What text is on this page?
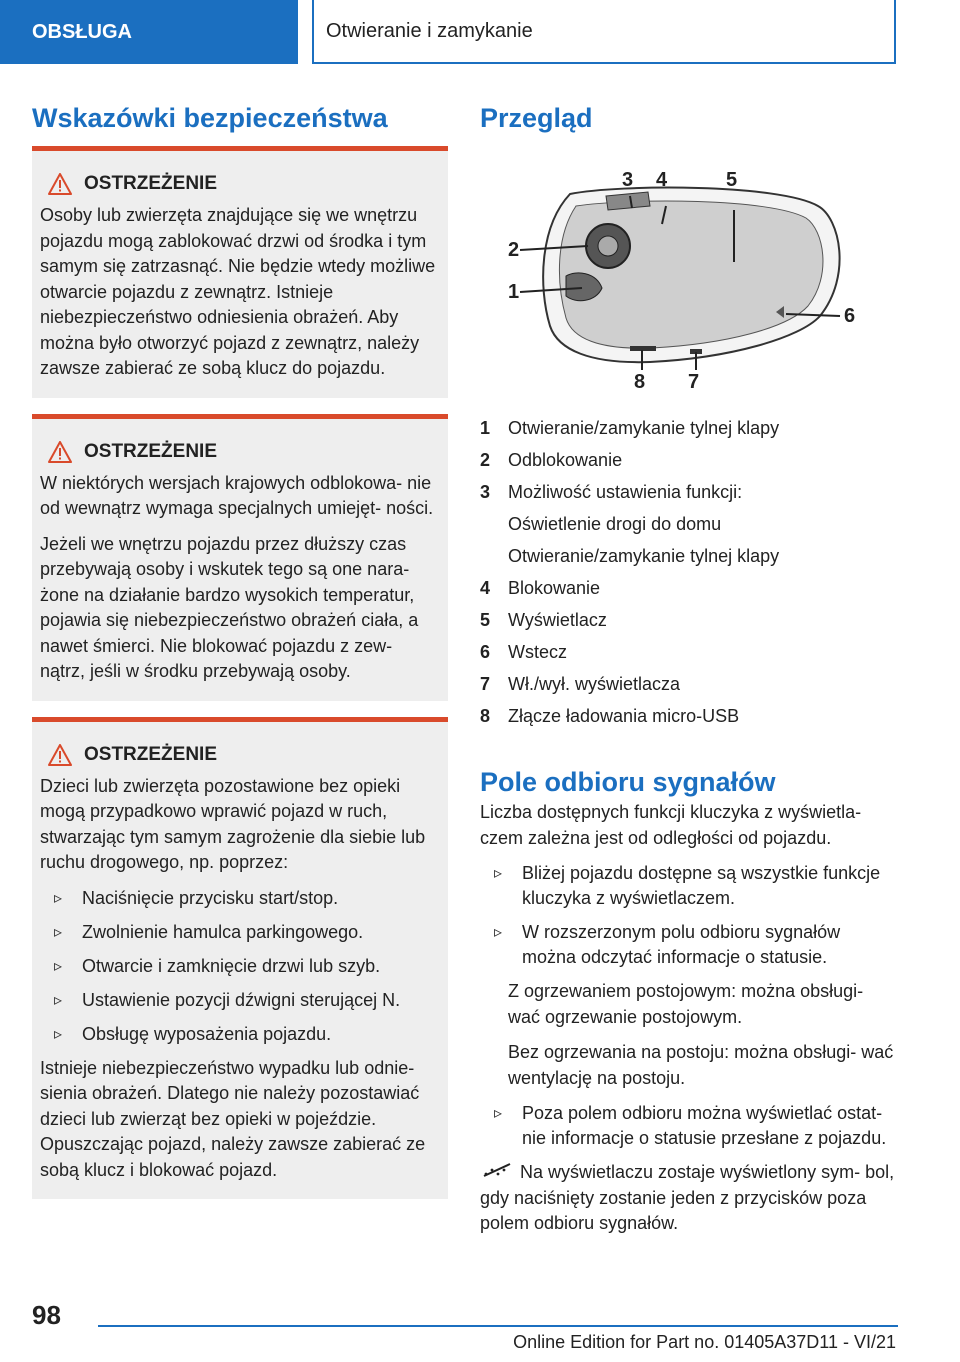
OBSŁUGA	Otwieranie i zamykanie
Wskazówki bezpieczeństwa
OSTRZEŻENIE

Osoby lub zwierzęta znajdujące się we wnętrzu pojazdu mogą zablokować drzwi od środka i tym samym się zatrzasnąć. Nie będzie wtedy możliwe otwarcie pojazdu z zewnątrz. Istnieje niebezpieczeństwo odniesienia obrażeń. Aby można było otworzyć pojazd z zewnątrz, należy zawsze zabierać ze sobą klucz do pojazdu.

OSTRZEŻENIE

W niektórych wersjach krajowych odblokowa- nie od wewnątrz wymaga specjalnych umiejęt- ności.

Jeżeli we wnętrzu pojazdu przez dłuższy czas przebywają osoby i wskutek tego są one nara- żone na działanie bardzo wysokich temperatur, pojawia się niebezpieczeństwo obrażeń ciała, a nawet śmierci. Nie blokować pojazdu z zew- nątrz, jeśli w środku przebywają osoby.

OSTRZEŻENIE

Dzieci lub zwierzęta pozostawione bez opieki mogą przypadkowo wprawić pojazd w ruch, stwarzając tym samym zagrożenie dla siebie lub ruchu drogowego, np. poprzez:

▹ Naciśnięcie przycisku start/stop.
▹ Zwolnienie hamulca parkingowego.
▹ Otwarcie i zamknięcie drzwi lub szyb.
▹ Ustawienie pozycji dźwigni sterującej N.
▹ Obsługę wyposażenia pojazdu.

Istnieje niebezpieczeństwo wypadku lub odnie- sienia obrażeń. Dlatego nie należy pozostawiać dzieci lub zwierząt bez opieki w pojeździe. Opuszczając pojazd, należy zawsze zabierać ze sobą klucz i blokować pojazd.

Przegląd
1
2
3 4	5
6
7
8
1 Otwieranie/zamykanie tylnej klapy
2 Odblokowanie
3 Możliwość ustawienia funkcji:
Oświetlenie drogi do domu
Otwieranie/zamykanie tylnej klapy
4 Blokowanie
5 Wyświetlacz
6 Wstecz
7 Wł./wył. wyświetlacza
8 Złącze ładowania micro-USB
Pole odbioru sygnałów

Liczba dostępnych funkcji kluczyka z wyświetla- czem zależna jest od odległości od pojazdu.

▹ Bliżej pojazdu dostępne są wszystkie funkcje kluczyka z wyświetlaczem.
▹ W rozszerzonym polu odbioru sygnałów można odczytać informacje o statusie.

Z ogrzewaniem postojowym: można obsługi- wać ogrzewanie postojowym.

Bez ogrzewania na postoju: można obsługi- wać wentylację na postoju.

▹ Poza polem odbioru można wyświetlać ostat- nie informacje o statusie przesłane z pojazdu.

Na wyświetlaczu zostaje wyświetlony sym- bol, gdy naciśnięty zostanie jeden z przycisków poza polem odbioru sygnałów.

98
Online Edition for Part no. 01405A37D11 - VI/21
